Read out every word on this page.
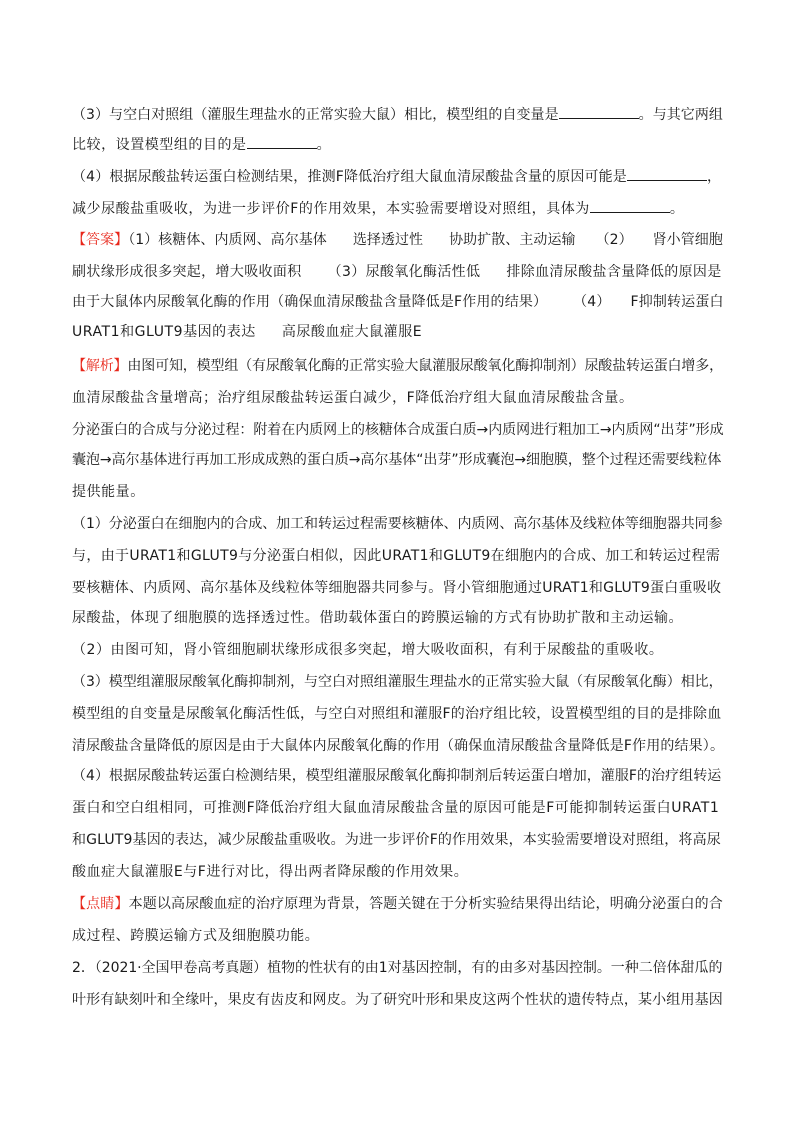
（3）与空白对照组（灌服生理盐水的正常实验大鼠）相比，模型组的自变量是	。与其它两组
比较，设置模型组的目的是	。
（4）根据尿酸盐转运蛋白检测结果，推测F降低治疗组大鼠血清尿酸盐含量的原因可能是	，
减少尿酸盐重吸收，为进一步评价F的作用效果，本实验需要增设对照组，具体为	。
【答案】（1）核糖体、内质网、高尔基体 选择透过性 协助扩散、主动运输 （2） 肾小管细胞
刷状缘形成很多突起，增大吸收面积 （3）尿酸氧化酶活性低 排除血清尿酸盐含量降低的原因是
由于大鼠体内尿酸氧化酶的作用（确保血清尿酸盐含量降低是F作用的结果） （4） F抑制转运蛋白
URAT1和GLUT9基因的表达 高尿酸血症大鼠灌服E
【解析】由图可知，模型组（有尿酸氧化酶的正常实验大鼠灌服尿酸氧化酶抑制剂）尿酸盐转运蛋白增多，
血清尿酸盐含量增高；治疗组尿酸盐转运蛋白减少，F降低治疗组大鼠血清尿酸盐含量。
分泌蛋白的合成与分泌过程：附着在内质网上的核糖体合成蛋白质→内质网进行粗加工→内质网“出芽”形成
囊泡→高尔基体进行再加工形成成熟的蛋白质→高尔基体“出芽”形成囊泡→细胞膜，整个过程还需要线粒体
提供能量。
（1）分泌蛋白在细胞内的合成、加工和转运过程需要核糖体、内质网、高尔基体及线粒体等细胞器共同参
与，由于URAT1和GLUT9与分泌蛋白相似，因此URAT1和GLUT9在细胞内的合成、加工和转运过程需
要核糖体、内质网、高尔基体及线粒体等细胞器共同参与。肾小管细胞通过URAT1和GLUT9蛋白重吸收
尿酸盐，体现了细胞膜的选择透过性。借助载体蛋白的跨膜运输的方式有协助扩散和主动运输。
（2）由图可知，肾小管细胞刷状缘形成很多突起，增大吸收面积，有利于尿酸盐的重吸收。
（3）模型组灌服尿酸氧化酶抑制剂，与空白对照组灌服生理盐水的正常实验大鼠（有尿酸氧化酶）相比，
模型组的自变量是尿酸氧化酶活性低，与空白对照组和灌服F的治疗组比较，设置模型组的目的是排除血
清尿酸盐含量降低的原因是由于大鼠体内尿酸氧化酶的作用（确保血清尿酸盐含量降低是F作用的结果）。
（4）根据尿酸盐转运蛋白检测结果，模型组灌服尿酸氧化酶抑制剂后转运蛋白增加，灌服F的治疗组转运
蛋白和空白组相同，可推测F降低治疗组大鼠血清尿酸盐含量的原因可能是F可能抑制转运蛋白URAT1
和GLUT9基因的表达，减少尿酸盐重吸收。为进一步评价F的作用效果，本实验需要增设对照组，将高尿
酸血症大鼠灌服E与F进行对比，得出两者降尿酸的作用效果。
【点睛】本题以高尿酸血症的治疗原理为背景，答题关键在于分析实验结果得出结论，明确分泌蛋白的合
成过程、跨膜运输方式及细胞膜功能。
2．（2021·全国甲卷高考真题）植物的性状有的由1对基因控制，有的由多对基因控制。一种二倍体甜瓜的
叶形有缺刻叶和全缘叶，果皮有齿皮和网皮。为了研究叶形和果皮这两个性状的遗传特点，某小组用基因
